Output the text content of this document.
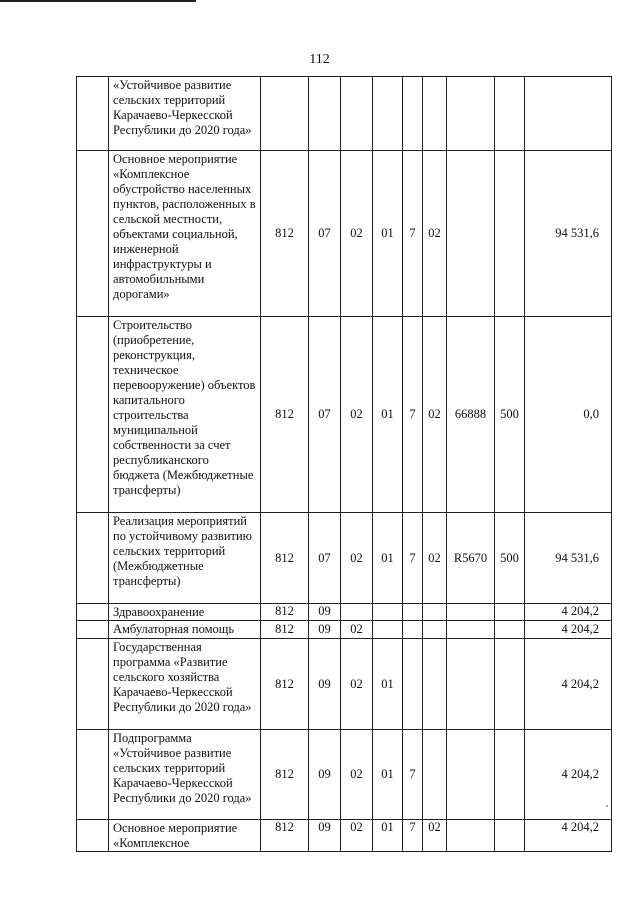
112
	«Устойчивое развитие сельских территорий Карачаево-Черкесской Республики до 2020 года»									
	Основное мероприятие «Комплексное обустройство населенных пунктов, расположенных в сельской местности, объектами социальной, инженерной инфраструктуры и автомобильными дорогами»	812	07	02	01	7	02			94 531,6
	Строительство (приобретение, реконструкция, техническое перевооружение) объектов капитального строительства муниципальной собственности за счет республиканского бюджета (Межбюджетные трансферты)	812	07	02	01	7	02	66888	500	0,0
	Реализация мероприятий по устойчивому развитию сельских территорий (Межбюджетные трансферты)	812	07	02	01	7	02	R5670	500	94 531,6
	Здравоохранение	812	09							4 204,2
	Амбулаторная помощь	812	09	02						4 204,2
	Государственная программа «Развитие сельского хозяйства Карачаево-Черкесской Республики до 2020 года»	812	09	02	01					4 204,2
	Подпрограмма «Устойчивое развитие сельских территорий Карачаево-Черкесской Республики до 2020 года»	812	09	02	01	7				4 204,2
	Основное мероприятие «Комплексное	812	09	02	01	7	02			4 204,2
